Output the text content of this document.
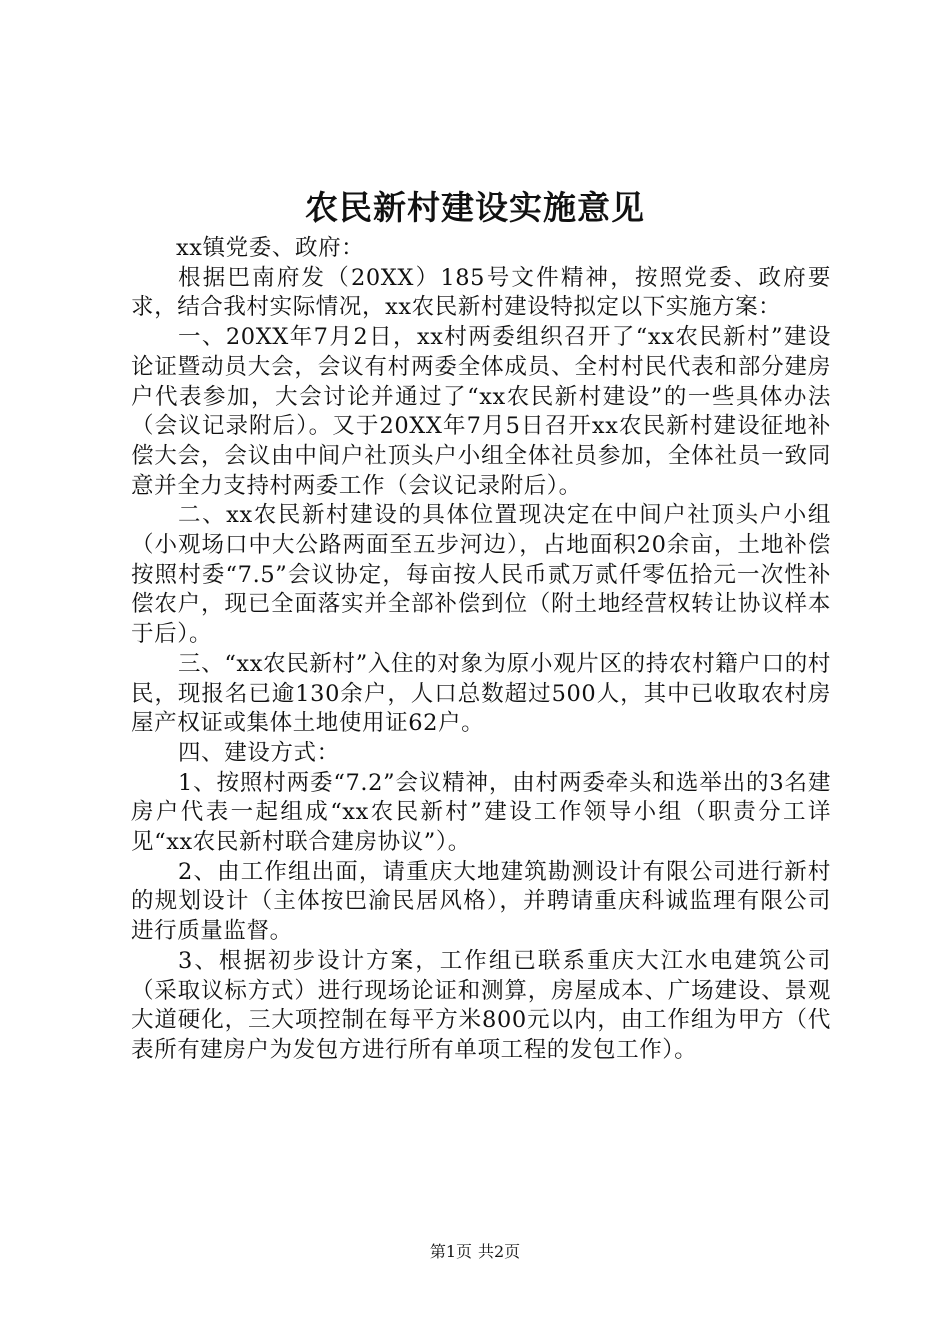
农民新村建设实施意见

xx镇党委、政府：

根据巴南府发（20XX）185号文件精神，按照党委、政府要求，结合我村实际情况，xx农民新村建设特拟定以下实施方案：

一、20XX年7月2日，xx村两委组织召开了“xx农民新村”建设论证暨动员大会，会议有村两委全体成员、全村村民代表和部分建房户代表参加，大会讨论并通过了“xx农民新村建设”的一些具体办法（会议记录附后）。又于20XX年7月5日召开xx农民新村建设征地补偿大会，会议由中间户社顶头户小组全体社员参加，全体社员一致同意并全力支持村两委工作（会议记录附后）。

二、xx农民新村建设的具体位置现决定在中间户社顶头户小组（小观场口中大公路两面至五步河边），占地面积20余亩，土地补偿按照村委“7.5”会议协定，每亩按人民币贰万贰仟零伍拾元一次性补偿农户，现已全面落实并全部补偿到位（附土地经营权转让协议样本于后）。

三、“xx农民新村”入住的对象为原小观片区的持农村籍户口的村民，现报名已逾130余户，人口总数超过500人，其中已收取农村房屋产权证或集体土地使用证62户。

四、建设方式：

1、按照村两委“7.2”会议精神，由村两委牵头和选举出的3名建房户代表一起组成“xx农民新村”建设工作领导小组（职责分工详见“xx农民新村联合建房协议”）。

2、由工作组出面，请重庆大地建筑勘测设计有限公司进行新村的规划设计（主体按巴渝民居风格），并聘请重庆科诚监理有限公司进行质量监督。

3、根据初步设计方案，工作组已联系重庆大江水电建筑公司（采取议标方式）进行现场论证和测算，房屋成本、广场建设、景观大道硬化，三大项控制在每平方米800元以内，由工作组为甲方（代表所有建房户为发包方进行所有单项工程的发包工作）。

第1页 共2页
